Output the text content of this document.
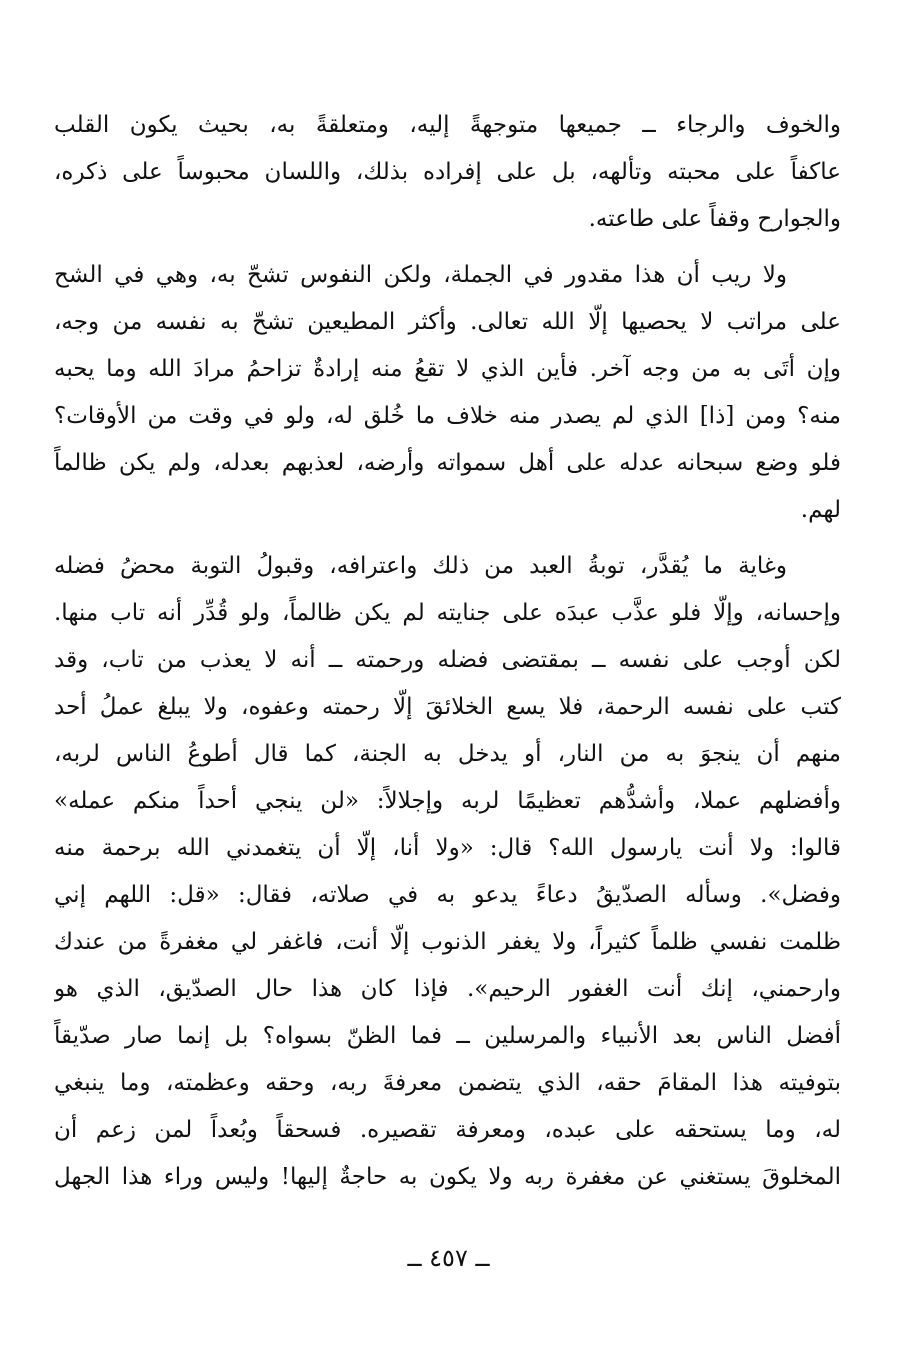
والخوف والرجاء ــ جميعها متوجهةً إليه، ومتعلقةً به، بحيث يكون القلب
عاكفاً على محبته وتألهه، بل على إفراده بذلك، واللسان محبوساً على ذكره،
والجوارح وقفاً على طاعته.
ولا ريب أن هذا مقدور في الجملة، ولكن النفوس تشحّ به، وهي في الشح
على مراتب لا يحصيها إلّا الله تعالى. وأكثر المطيعين تشحّ به نفسه من وجه،
وإن أتَى به من وجه آخر. فأين الذي لا تقعُ منه إرادةٌ تزاحمُ مرادَ الله وما يحبه
منه؟ ومن [ذا] الذي لم يصدر منه خلاف ما خُلق له، ولو في وقت من الأوقات؟
فلو وضع سبحانه عدله على أهل سمواته وأرضه، لعذبهم بعدله، ولم يكن ظالماً
لهم.
وغاية ما يُقدَّر، توبةُ العبد من ذلك واعترافه، وقبولُ التوبة محضُ فضله
وإحسانه، وإلّا فلو عذَّب عبدَه على جنايته لم يكن ظالماً، ولو قُدِّر أنه تاب منها.
لكن أوجب على نفسه ــ بمقتضى فضله ورحمته ــ أنه لا يعذب من تاب، وقد
كتب على نفسه الرحمة، فلا يسع الخلائقَ إلّا رحمته وعفوه، ولا يبلغ عملُ أحد
منهم أن ينجوَ به من النار، أو يدخل به الجنة، كما قال أطوعُ الناس لربه،
وأفضلهم عملا، وأشدُّهم تعظيمًا لربه وإجلالاً: «لن ينجي أحداً منكم عمله»
قالوا: ولا أنت يارسول الله؟ قال: «ولا أنا، إلّا أن يتغمدني الله برحمة منه
وفضل». وسأله الصدّيقُ دعاءً يدعو به في صلاته، فقال: «قل: اللهم إني
ظلمت نفسي ظلماً كثيراً، ولا يغفر الذنوب إلّا أنت، فاغفر لي مغفرةً من عندك
وارحمني، إنك أنت الغفور الرحيم». فإذا كان هذا حال الصدّيق، الذي هو
أفضل الناس بعد الأنبياء والمرسلين ــ فما الظنّ بسواه؟ بل إنما صار صدّيقاً
بتوفيته هذا المقامَ حقه، الذي يتضمن معرفةَ ربه، وحقه وعظمته، وما ينبغي
له، وما يستحقه على عبده، ومعرفة تقصيره. فسحقاً وبُعداً لمن زعم أن
المخلوقَ يستغني عن مغفرة ربه ولا يكون به حاجةٌ إليها! وليس وراء هذا الجهل
ــ ٤٥٧ ــ
